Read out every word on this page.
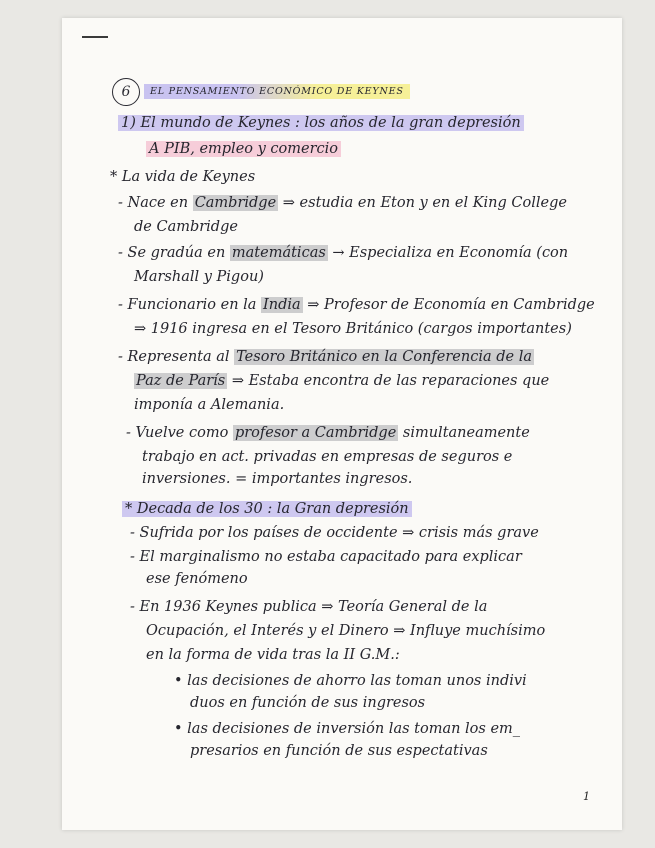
6	EL PENSAMIENTO ECONÓMICO DE KEYNES
1) El mundo de Keynes : los años de la gran depresión
A PIB, empleo y comercio
* La vida de Keynes
- Nace en Cambridge ⇒ estudia en Eton y en el King College
de Cambridge
- Se gradúa en matemáticas → Especializa en Economía (con
Marshall y Pigou)
- Funcionario en la India ⇒ Profesor de Economía en Cambridge
⇒ 1916 ingresa en el Tesoro Británico (cargos importantes)
- Representa al Tesoro Británico en la Conferencia de la
Paz de París ⇒ Estaba encontra de las reparaciones que
imponía a Alemania.
- Vuelve como profesor a Cambridge simultaneamente
trabajo en act. privadas en empresas de seguros e
inversiones. = importantes ingresos.
* Decada de los 30 : la Gran depresión
- Sufrida por los países de occidente ⇒ crisis más grave
- El marginalismo no estaba capacitado para explicar
ese fenómeno
- En 1936 Keynes publica ⇒ Teoría General de la
Ocupación, el Interés y el Dinero ⇒ Influye muchísimo
en la forma de vida tras la II G.M.:
• las decisiones de ahorro las toman unos indivi
duos en función de sus ingresos
• las decisiones de inversión las toman los em_
presarios en función de sus espectativas
1
